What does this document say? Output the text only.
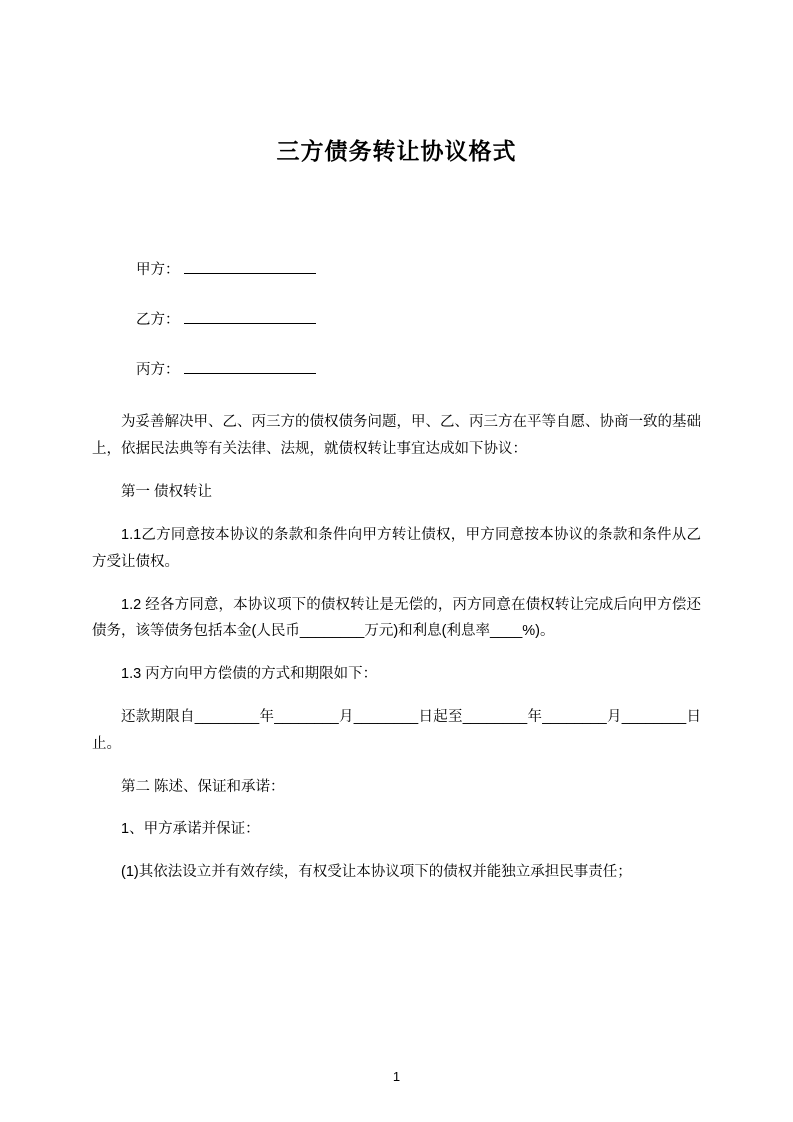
三方债务转让协议格式

甲方：

乙方：

丙方：

为妥善解决甲、乙、丙三方的债权债务问题，甲、乙、丙三方在平等自愿、协商一致的基础上，依据民法典等有关法律、法规，就债权转让事宜达成如下协议：

第一 债权转让

1.1乙方同意按本协议的条款和条件向甲方转让债权，甲方同意按本协议的条款和条件从乙方受让债权。

1.2 经各方同意，本协议项下的债权转让是无偿的，丙方同意在债权转让完成后向甲方偿还债务，该等债务包括本金(人民币________万元)和利息(利息率____%)。

1.3 丙方向甲方偿债的方式和期限如下：

还款期限自________年________月________日起至________年________月________日止。

第二 陈述、保证和承诺：

1、甲方承诺并保证：

(1)其依法设立并有效存续，有权受让本协议项下的债权并能独立承担民事责任；

1
